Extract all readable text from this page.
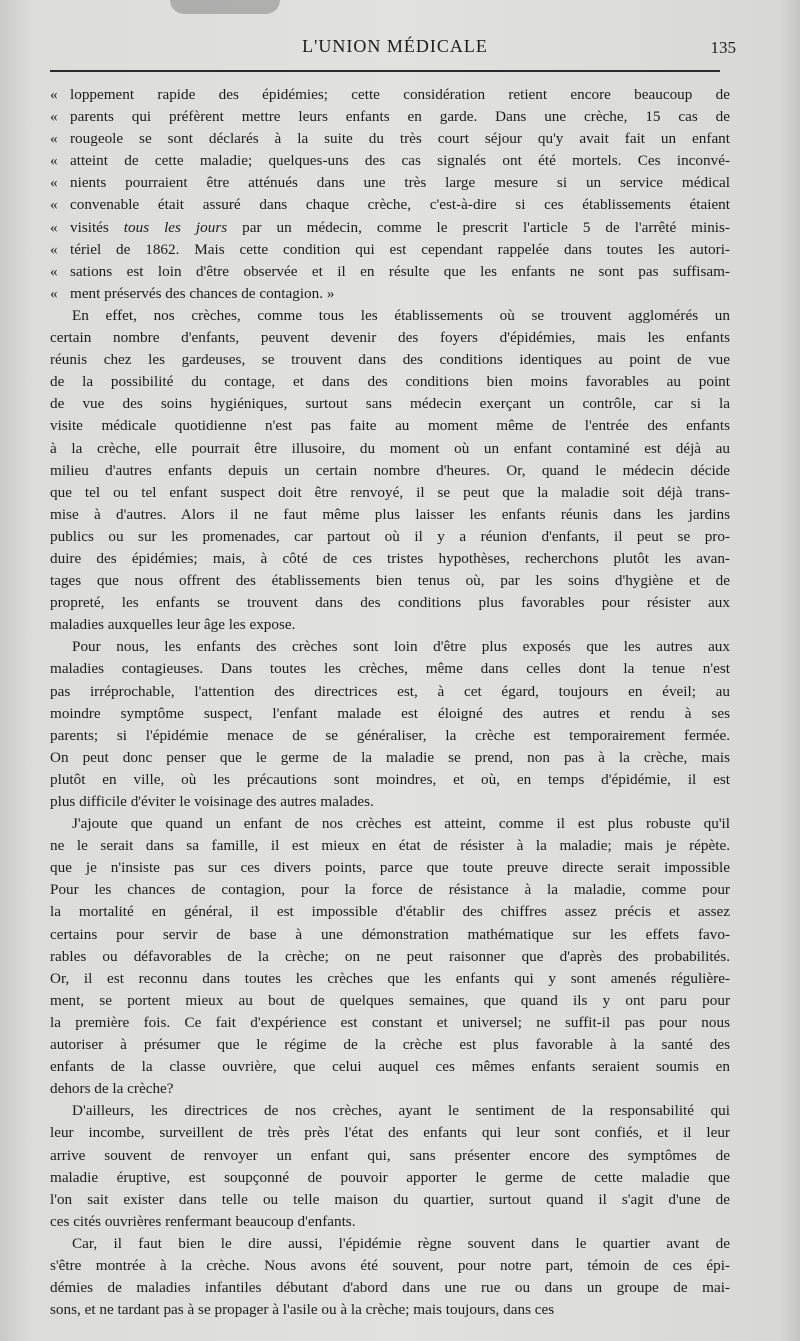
L'UNION MÉDICALE	135
« loppement rapide des épidémies; cette considération retient encore beaucoup de
« parents qui préfèrent mettre leurs enfants en garde. Dans une crèche, 15 cas de
« rougeole se sont déclarés à la suite du très court séjour qu'y avait fait un enfant
« atteint de cette maladie; quelques-uns des cas signalés ont été mortels. Ces inconvé-
« nients pourraient être atténués dans une très large mesure si un service médical
« convenable était assuré dans chaque crèche, c'est-à-dire si ces établissements étaient
« visités tous les jours par un médecin, comme le prescrit l'article 5 de l'arrêté minis-
« tériel de 1862. Mais cette condition qui est cependant rappelée dans toutes les autori-
« sations est loin d'être observée et il en résulte que les enfants ne sont pas suffisam-
« ment préservés des chances de contagion. »
En effet, nos crèches, comme tous les établissements où se trouvent agglomérés un
certain nombre d'enfants, peuvent devenir des foyers d'épidémies, mais les enfants
réunis chez les gardeuses, se trouvent dans des conditions identiques au point de vue
de la possibilité du contage, et dans des conditions bien moins favorables au point
de vue des soins hygiéniques, surtout sans médecin exerçant un contrôle, car si la
visite médicale quotidienne n'est pas faite au moment même de l'entrée des enfants
à la crèche, elle pourrait être illusoire, du moment où un enfant contaminé est déjà au
milieu d'autres enfants depuis un certain nombre d'heures. Or, quand le médecin décide
que tel ou tel enfant suspect doit être renvoyé, il se peut que la maladie soit déjà trans-
mise à d'autres. Alors il ne faut même plus laisser les enfants réunis dans les jardins
publics ou sur les promenades, car partout où il y a réunion d'enfants, il peut se pro-
duire des épidémies; mais, à côté de ces tristes hypothèses, recherchons plutôt les avan-
tages que nous offrent des établissements bien tenus où, par les soins d'hygiène et de
propreté, les enfants se trouvent dans des conditions plus favorables pour résister aux
maladies auxquelles leur âge les expose.
Pour nous, les enfants des crèches sont loin d'être plus exposés que les autres aux
maladies contagieuses. Dans toutes les crèches, même dans celles dont la tenue n'est
pas irréprochable, l'attention des directrices est, à cet égard, toujours en éveil; au
moindre symptôme suspect, l'enfant malade est éloigné des autres et rendu à ses
parents; si l'épidémie menace de se généraliser, la crèche est temporairement fermée.
On peut donc penser que le germe de la maladie se prend, non pas à la crèche, mais
plutôt en ville, où les précautions sont moindres, et où, en temps d'épidémie, il est
plus difficile d'éviter le voisinage des autres malades.
J'ajoute que quand un enfant de nos crèches est atteint, comme il est plus robuste qu'il
ne le serait dans sa famille, il est mieux en état de résister à la maladie; mais je répète.
que je n'insiste pas sur ces divers points, parce que toute preuve directe serait impossible
Pour les chances de contagion, pour la force de résistance à la maladie, comme pour
la mortalité en général, il est impossible d'établir des chiffres assez précis et assez
certains pour servir de base à une démonstration mathématique sur les effets favo-
rables ou défavorables de la crèche; on ne peut raisonner que d'après des probabilités.
Or, il est reconnu dans toutes les crèches que les enfants qui y sont amenés régulière-
ment, se portent mieux au bout de quelques semaines, que quand ils y ont paru pour
la première fois. Ce fait d'expérience est constant et universel; ne suffit-il pas pour nous
autoriser à présumer que le régime de la crèche est plus favorable à la santé des
enfants de la classe ouvrière, que celui auquel ces mêmes enfants seraient soumis en
dehors de la crèche?
D'ailleurs, les directrices de nos crèches, ayant le sentiment de la responsabilité qui
leur incombe, surveillent de très près l'état des enfants qui leur sont confiés, et il leur
arrive souvent de renvoyer un enfant qui, sans présenter encore des symptômes de
maladie éruptive, est soupçonné de pouvoir apporter le germe de cette maladie que
l'on sait exister dans telle ou telle maison du quartier, surtout quand il s'agit d'une de
ces cités ouvrières renfermant beaucoup d'enfants.
Car, il faut bien le dire aussi, l'épidémie règne souvent dans le quartier avant de
s'être montrée à la crèche. Nous avons été souvent, pour notre part, témoin de ces épi-
démies de maladies infantiles débutant d'abord dans une rue ou dans un groupe de mai-
sons, et ne tardant pas à se propager à l'asile ou à la crèche; mais toujours, dans ces
